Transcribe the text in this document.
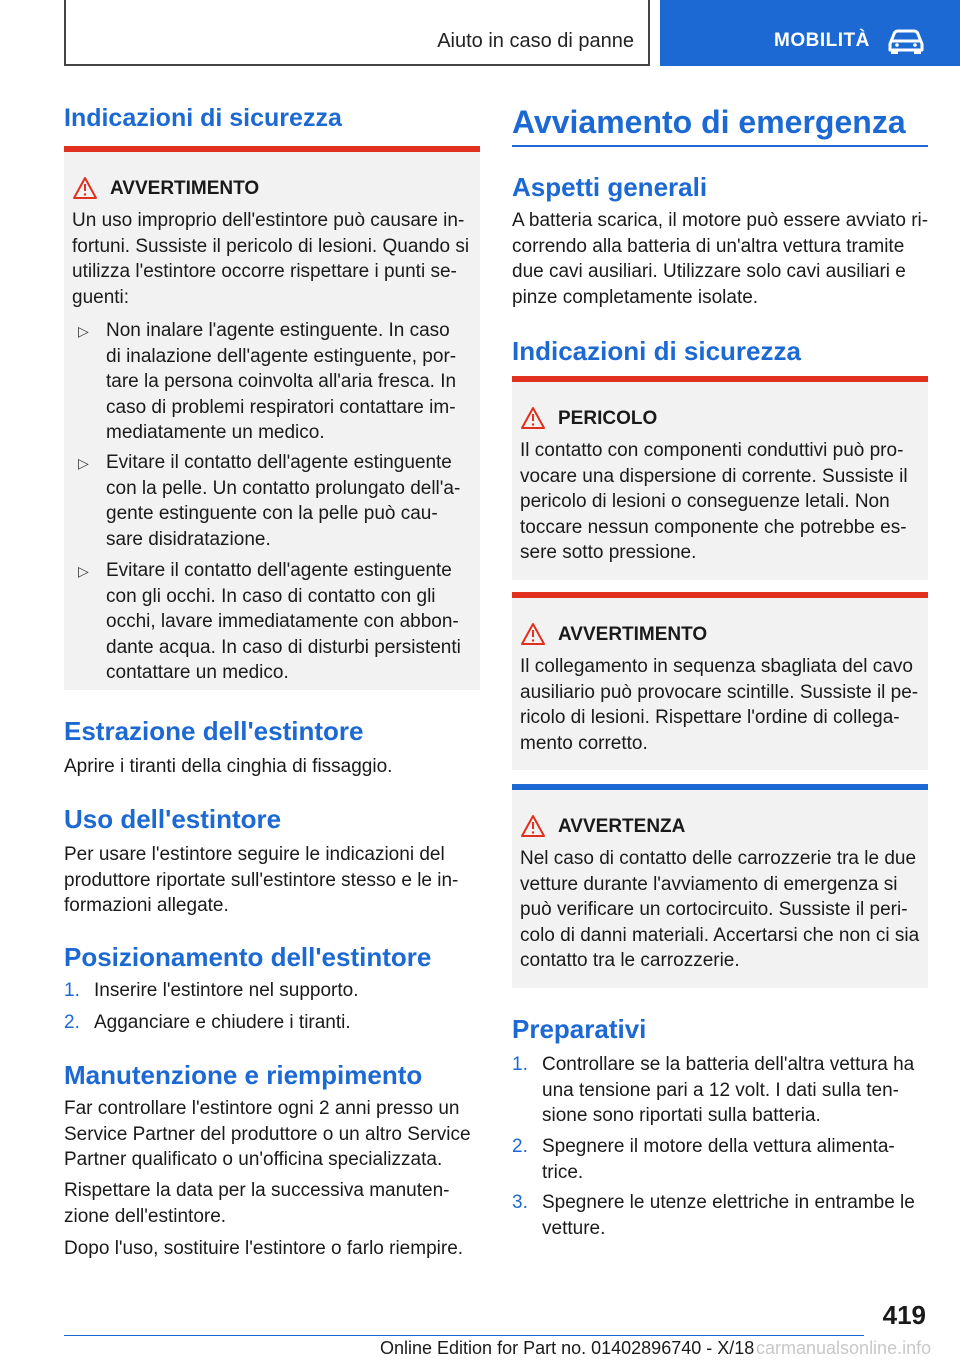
Aiuto in caso di panne	MOBILITÀ
Indicazioni di sicurezza
AVVERTIMENTO
Un uso improprio dell'estintore può causare in-
fortuni. Sussiste il pericolo di lesioni. Quando si
utilizza l'estintore occorre rispettare i punti se-
guenti:
▷ Non inalare l'agente estinguente. In caso
di inalazione dell'agente estinguente, por-
tare la persona coinvolta all'aria fresca. In
caso di problemi respiratori contattare im-
mediatamente un medico.
▷ Evitare il contatto dell'agente estinguente
con la pelle. Un contatto prolungato dell'a-
gente estinguente con la pelle può cau-
sare disidratazione.
▷ Evitare il contatto dell'agente estinguente
con gli occhi. In caso di contatto con gli
occhi, lavare immediatamente con abbon-
dante acqua. In caso di disturbi persistenti
contattare un medico.
Estrazione dell'estintore
Aprire i tiranti della cinghia di fissaggio.
Uso dell'estintore
Per usare l'estintore seguire le indicazioni del
produttore riportate sull'estintore stesso e le in-
formazioni allegate.
Posizionamento dell'estintore
1. Inserire l'estintore nel supporto.
2. Agganciare e chiudere i tiranti.
Manutenzione e riempimento
Far controllare l'estintore ogni 2 anni presso un
Service Partner del produttore o un altro Service
Partner qualificato o un'officina specializzata.
Rispettare la data per la successiva manuten-
zione dell'estintore.
Dopo l'uso, sostituire l'estintore o farlo riempire.
Avviamento di emergenza
Aspetti generali
A batteria scarica, il motore può essere avviato ri-
correndo alla batteria di un'altra vettura tramite
due cavi ausiliari. Utilizzare solo cavi ausiliari e
pinze completamente isolate.
Indicazioni di sicurezza
PERICOLO
Il contatto con componenti conduttivi può pro-
vocare una dispersione di corrente. Sussiste il
pericolo di lesioni o conseguenze letali. Non
toccare nessun componente che potrebbe es-
sere sotto pressione.
AVVERTIMENTO
Il collegamento in sequenza sbagliata del cavo
ausiliario può provocare scintille. Sussiste il pe-
ricolo di lesioni. Rispettare l'ordine di collega-
mento corretto.
AVVERTENZA
Nel caso di contatto delle carrozzerie tra le due
vetture durante l'avviamento di emergenza si
può verificare un cortocircuito. Sussiste il peri-
colo di danni materiali. Accertarsi che non ci sia
contatto tra le carrozzerie.
Preparativi
1. Controllare se la batteria dell'altra vettura ha
una tensione pari a 12 volt. I dati sulla ten-
sione sono riportati sulla batteria.
2. Spegnere il motore della vettura alimenta-
trice.
3. Spegnere le utenze elettriche in entrambe le
vetture.
419
Online Edition for Part no. 01402896740 - X/18 carmanualsonline.info
